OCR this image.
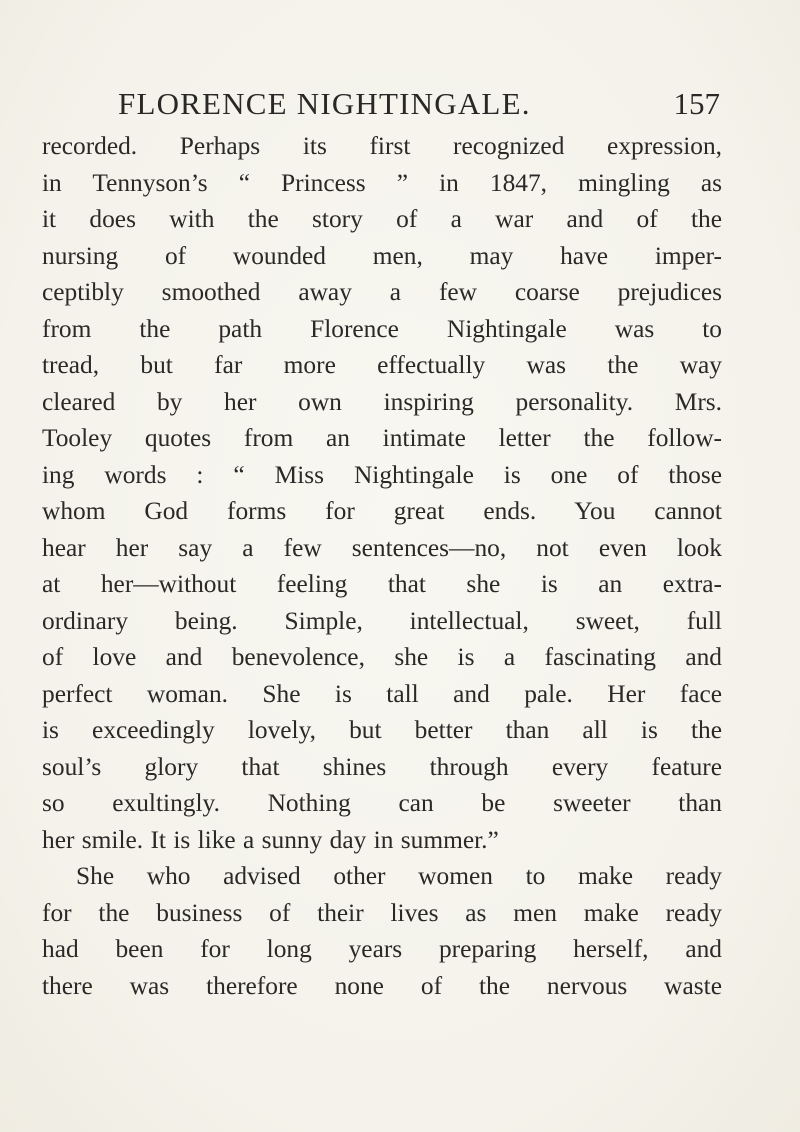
FLORENCE NIGHTINGALE.	157
recorded. Perhaps its first recognized expression,
in Tennyson’s “ Princess ” in 1847, mingling as
it does with the story of a war and of the
nursing of wounded men, may have imper-
ceptibly smoothed away a few coarse prejudices
from the path Florence Nightingale was to
tread, but far more effectually was the way
cleared by her own inspiring personality. Mrs.
Tooley quotes from an intimate letter the follow-
ing words : “ Miss Nightingale is one of those
whom God forms for great ends. You cannot
hear her say a few sentences—no, not even look
at her—without feeling that she is an extra-
ordinary being. Simple, intellectual, sweet, full
of love and benevolence, she is a fascinating and
perfect woman. She is tall and pale. Her face
is exceedingly lovely, but better than all is the
soul’s glory that shines through every feature
so exultingly. Nothing can be sweeter than
her smile. It is like a sunny day in summer.”
She who advised other women to make ready
for the business of their lives as men make ready
had been for long years preparing herself, and
there was therefore none of the nervous waste
